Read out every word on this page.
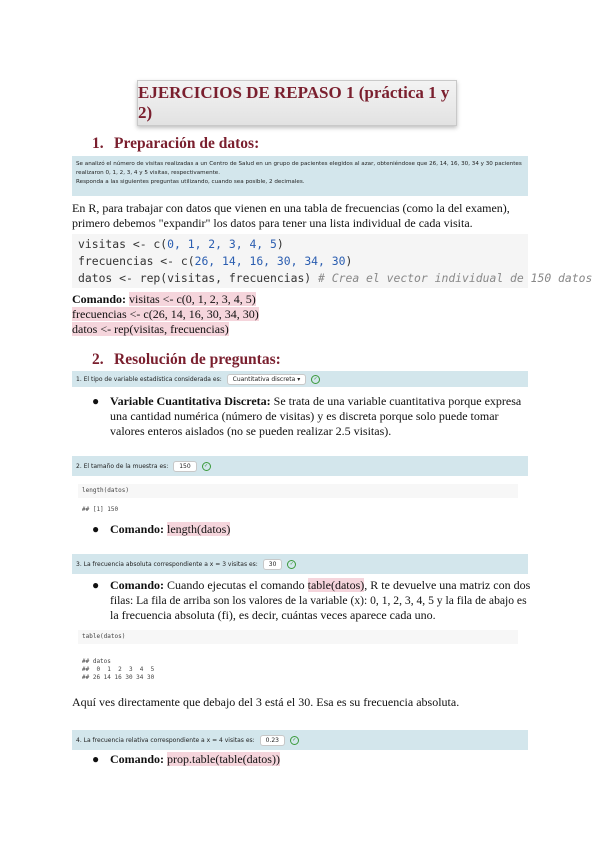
EJERCICIOS DE REPASO 1 (práctica 1 y 2)
1. Preparación de datos:
Se analizó el número de visitas realizadas a un Centro de Salud en un grupo de pacientes elegidos al azar, obteniéndose que 26, 14, 16, 30, 34 y 30 pacientes
realizaron 0, 1, 2, 3, 4 y 5 visitas, respectivamente.
Responda a las siguientes preguntas utilizando, cuando sea posible, 2 decimales.
En R, para trabajar con datos que vienen en una tabla de frecuencias (como la del examen),
primero debemos "expandir" los datos para tener una lista individual de cada visita.
visitas <- c(0, 1, 2, 3, 4, 5)
frecuencias <- c(26, 14, 16, 30, 34, 30)
datos <- rep(visitas, frecuencias) # Crea el vector individual de 150 datos
Comando: visitas <- c(0, 1, 2, 3, 4, 5)
frecuencias <- c(26, 14, 16, 30, 34, 30)
datos <- rep(visitas, frecuencias)
2. Resolución de preguntas:
1. El tipo de variable estadística considerada es: Cuantitativa discreta ▾	✓
● Variable Cuantitativa Discreta: Se trata de una variable cuantitativa porque expresa
una cantidad numérica (número de visitas) y es discreta porque solo puede tomar
valores enteros aislados (no se pueden realizar 2.5 visitas).
2. El tamaño de la muestra es: 150	✓
length(datos)
## [1] 150
● Comando: length(datos)
3. La frecuencia absoluta correspondiente a x = 3 visitas es: 30	✓
● Comando: Cuando ejecutas el comando table(datos), R te devuelve una matriz con dos
filas: La fila de arriba son los valores de la variable (x): 0, 1, 2, 3, 4, 5 y la fila de abajo es
la frecuencia absoluta (fi), es decir, cuántas veces aparece cada uno.
table(datos)
## datos
##  0  1  2  3  4  5
## 26 14 16 30 34 30
Aquí ves directamente que debajo del 3 está el 30. Esa es su frecuencia absoluta.
4. La frecuencia relativa correspondiente a x = 4 visitas es: 0.23	✓
● Comando: prop.table(table(datos))
